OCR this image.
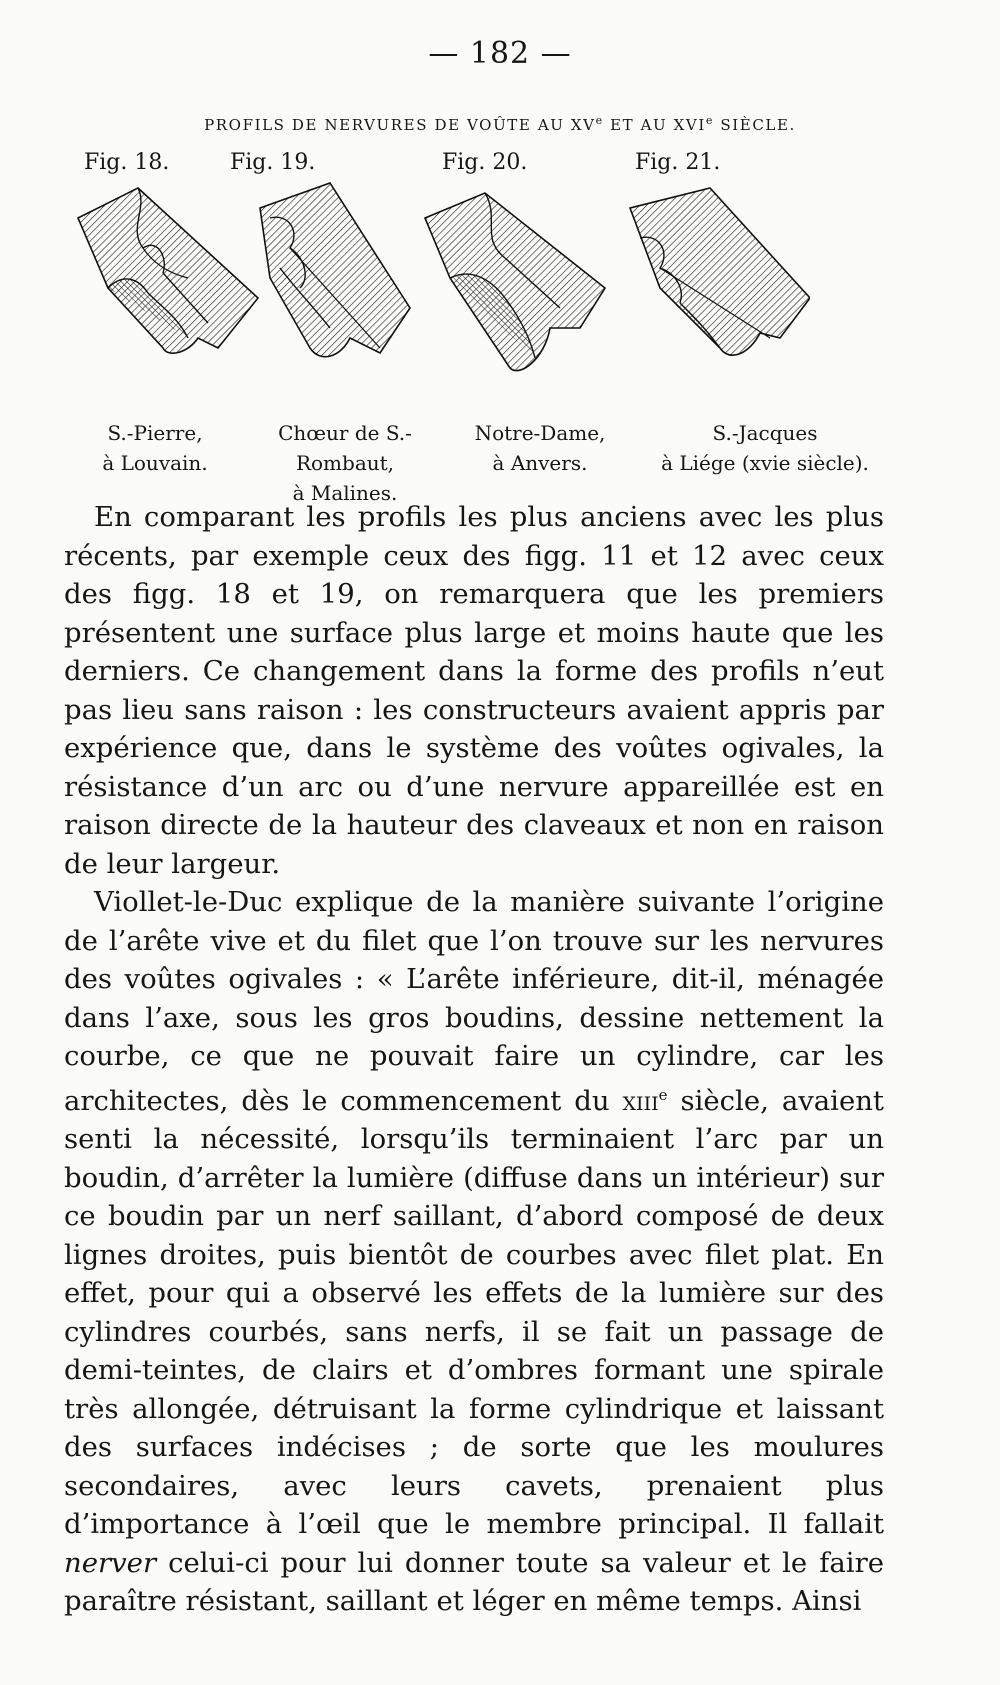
— 182 —
PROFILS DE NERVURES DE VOÛTE AU XVe ET AU XVIe SIÈCLE.
Fig. 18.
S.-Pierre,
à Louvain.
Fig. 19.
Chœur de S.-Rombaut,
à Malines.
Fig. 20.
Notre-Dame,
à Anvers.
Fig. 21.
S.-Jacques
à Liége (xvie siècle).

En comparant les profils les plus anciens avec les plus récents, par exemple ceux des figg. 11 et 12 avec ceux des figg. 18 et 19, on remarquera que les premiers présentent une surface plus large et moins haute que les derniers. Ce changement dans la forme des profils n’eut pas lieu sans raison : les constructeurs avaient appris par expérience que, dans le système des voûtes ogivales, la résistance d’un arc ou d’une nervure appareillée est en raison directe de la hauteur des claveaux et non en raison de leur largeur.

Viollet-le-Duc explique de la manière suivante l’origine de l’arête vive et du filet que l’on trouve sur les nervures des voûtes ogivales : « L’arête inférieure, dit-il, ménagée dans l’axe, sous les gros boudins, dessine nettement la courbe, ce que ne pouvait faire un cylindre, car les architectes, dès le commencement du xiii$^e$ siècle, avaient senti la nécessité, lorsqu’ils terminaient l’arc par un boudin, d’arrêter la lumière (diffuse dans un intérieur) sur ce boudin par un nerf saillant, d’abord composé de deux lignes droites, puis bientôt de courbes avec filet plat. En effet, pour qui a observé les effets de la lumière sur des cylindres courbés, sans nerfs, il se fait un passage de demi-teintes, de clairs et d’ombres formant une spirale très allongée, détruisant la forme cylindrique et laissant des surfaces indécises ; de sorte que les moulures secondaires, avec leurs cavets, prenaient plus d’importance à l’œil que le membre principal. Il fallait nerver celui-ci pour lui donner toute sa valeur et le faire paraître résistant, saillant et léger en même temps. Ainsi
